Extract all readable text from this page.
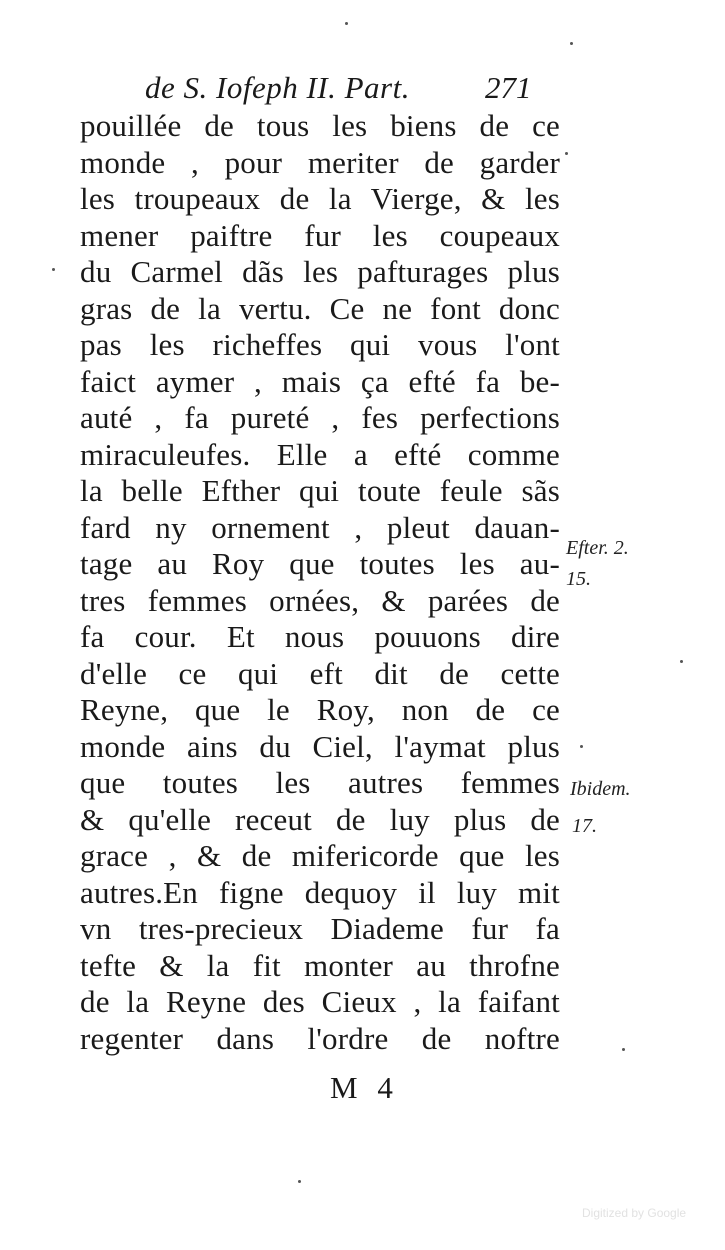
de S. Iofeph II. Part. 271
pouillée de tous les biens de ce
monde , pour meriter de garder
les troupeaux de la Vierge, & les
mener paiftre fur les coupeaux
du Carmel dãs les pafturages plus
gras de la vertu. Ce ne font donc
pas les richeffes qui vous l'ont
faict aymer , mais ça efté fa be-
auté , fa pureté , fes perfections
miraculeufes. Elle a efté comme
la belle Efther qui toute feule sãs
fard ny ornement , pleut dauan-
tage au Roy que toutes les au-
tres femmes ornées, & parées de
fa cour. Et nous pouuons dire
d'elle ce qui eft dit de cette
Reyne, que le Roy, non de ce
monde ains du Ciel, l'aymat plus
que toutes les autres femmes
& qu'elle receut de luy plus de
grace , & de mifericorde que les
autres.En figne dequoy il luy mit
vn tres-precieux Diademe fur fa
tefte & la fit monter au throfne
de la Reyne des Cieux , la faifant
regenter dans l'ordre de noftre
Efter. 2.
15.
Ibidem.
17.
M 4
Digitized by Google
